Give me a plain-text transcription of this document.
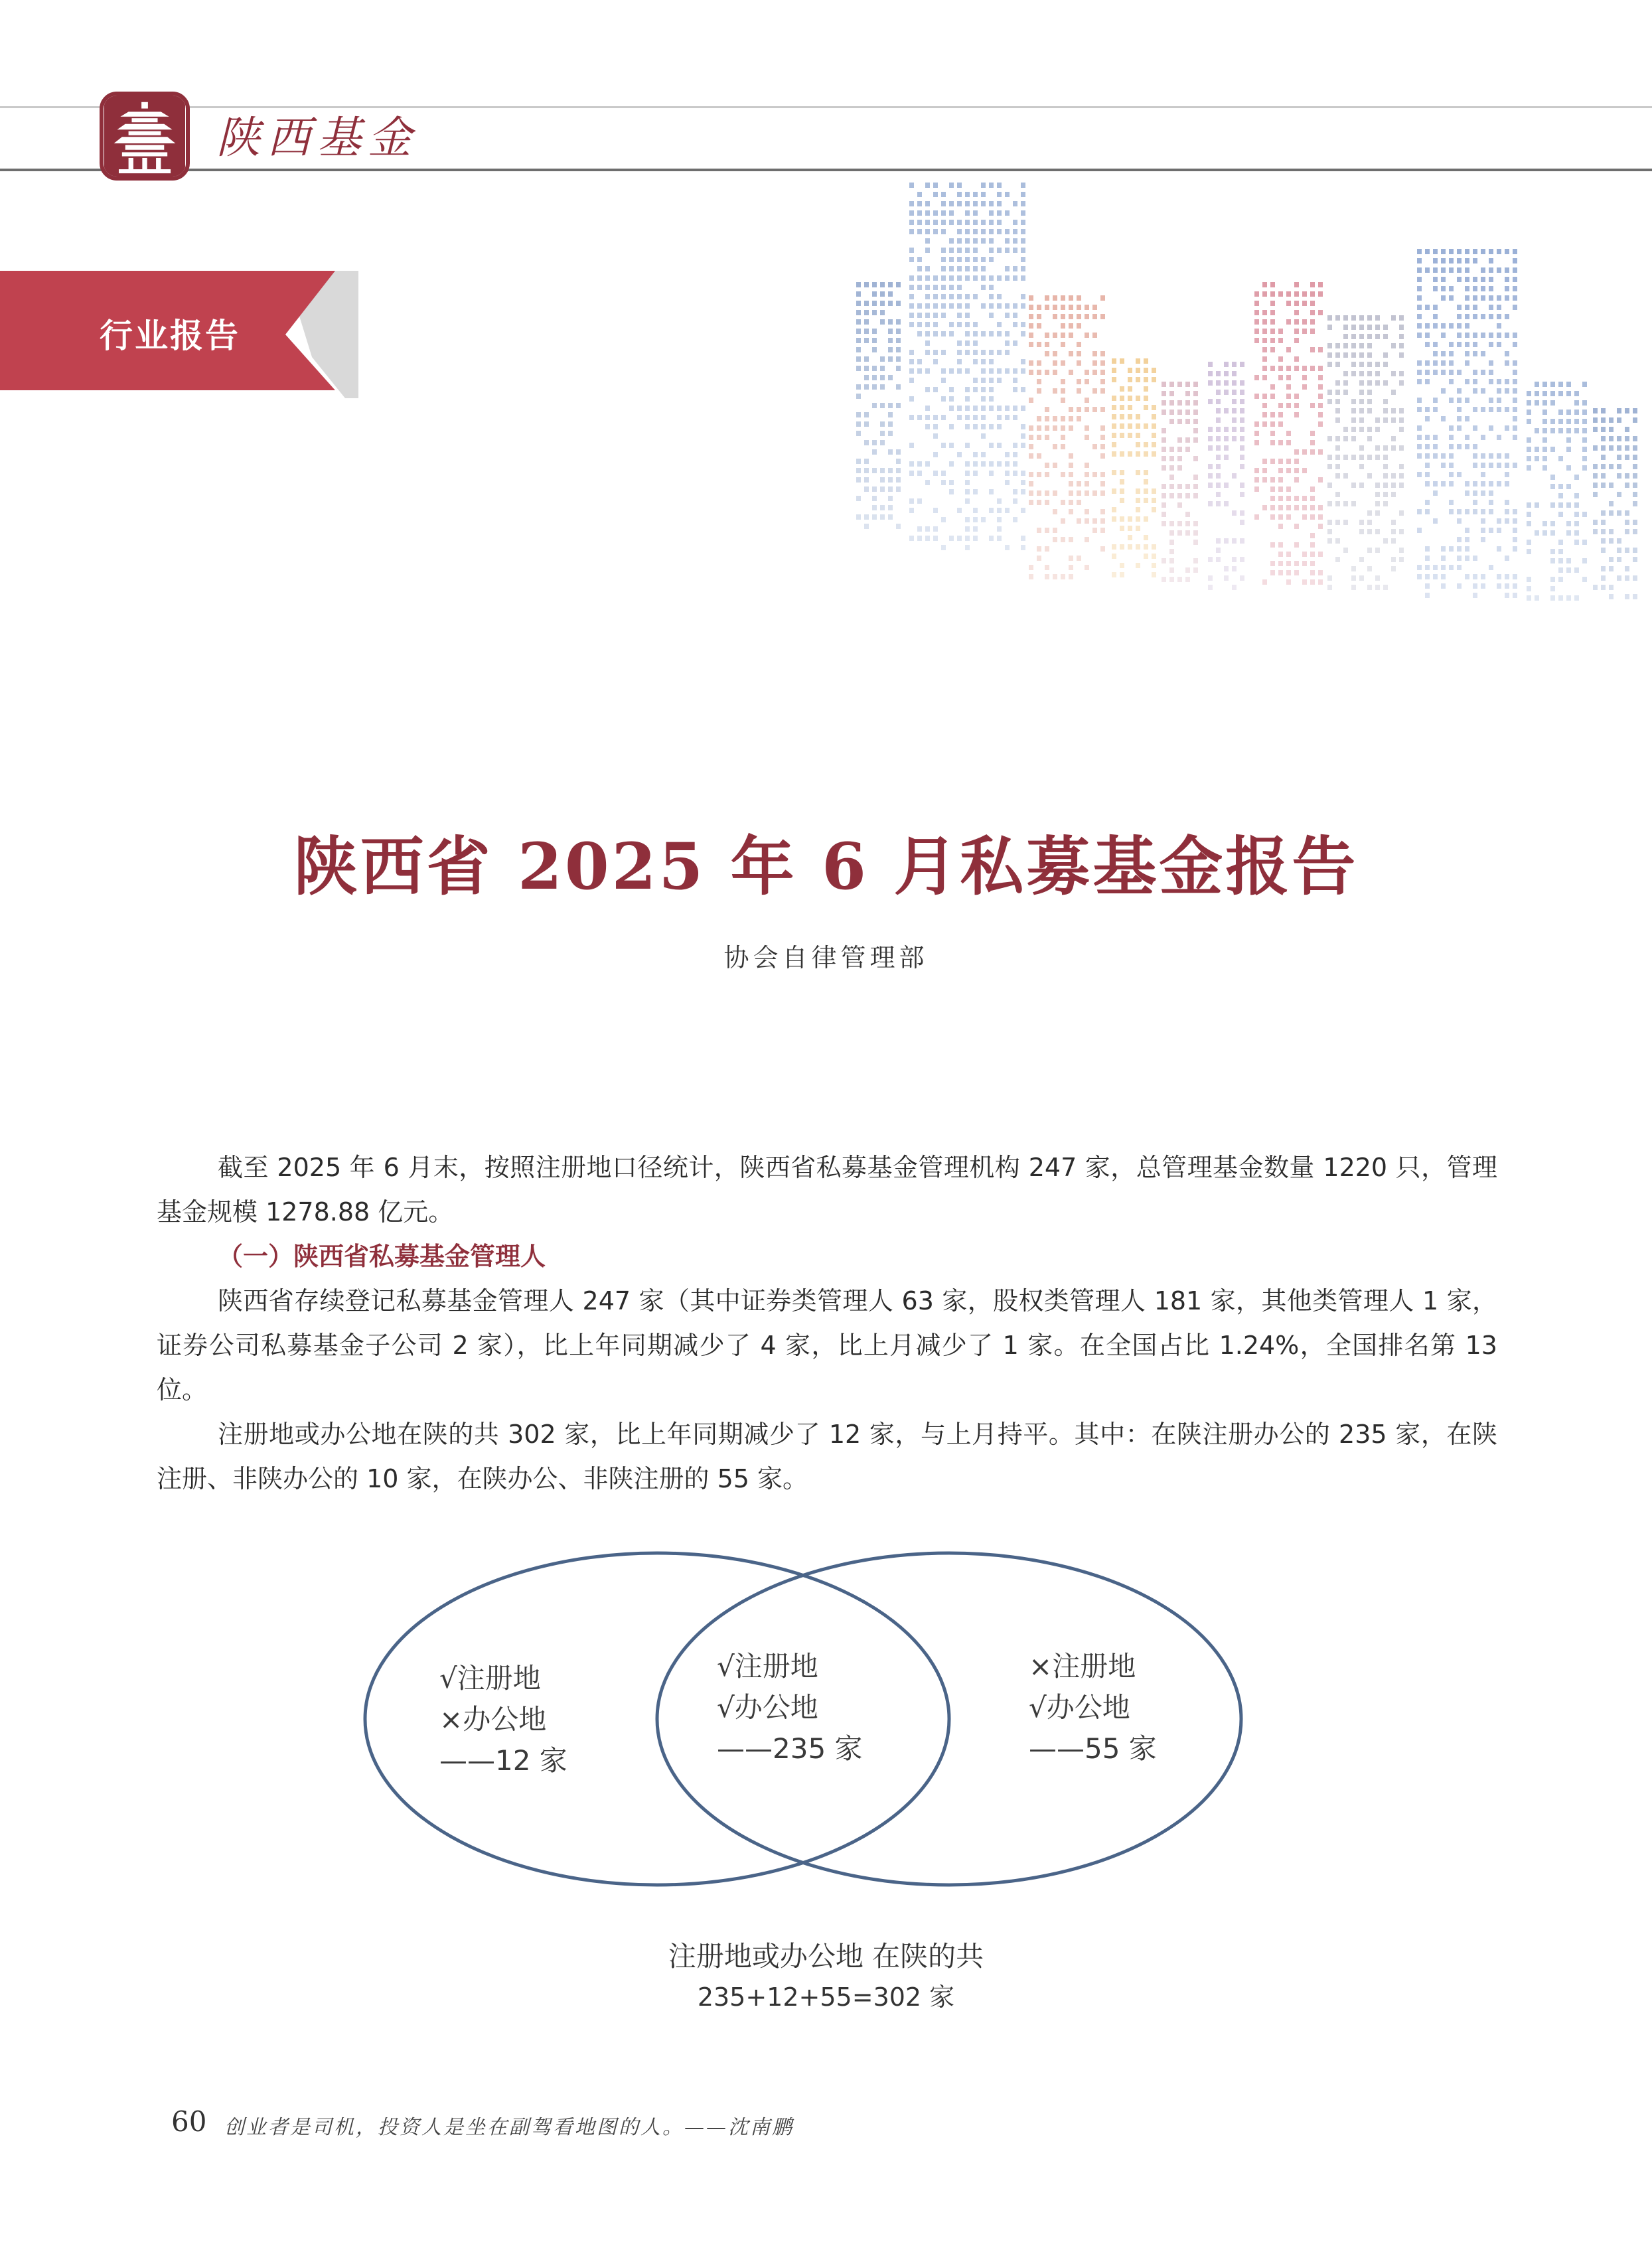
陕西基金
行业报告
陕西省 2025 年 6 月私募基金报告
协会自律管理部

截至 2025 年 6 月末，按照注册地口径统计，陕西省私募基金管理机构 247 家，总管理基金数量 1220 只，管理基金规模 1278.88 亿元。

（一）陕西省私募基金管理人

陕西省存续登记私募基金管理人 247 家（其中证券类管理人 63 家，股权类管理人 181 家，其他类管理人 1 家，证券公司私募基金子公司 2 家），比上年同期减少了 4 家，比上月减少了 1 家。在全国占比 1.24%，全国排名第 13 位。

注册地或办公地在陕的共 302 家，比上年同期减少了 12 家，与上月持平。其中：在陕注册办公的 235 家，在陕注册、非陕办公的 10 家，在陕办公、非陕注册的 55 家。

√注册地
×办公地
——12 家
√注册地
√办公地
——235 家
×注册地
√办公地
——55 家
注册地或办公地 在陕的共
235+12+55=302 家
60 创业者是司机，投资人是坐在副驾看地图的人。——沈南鹏
